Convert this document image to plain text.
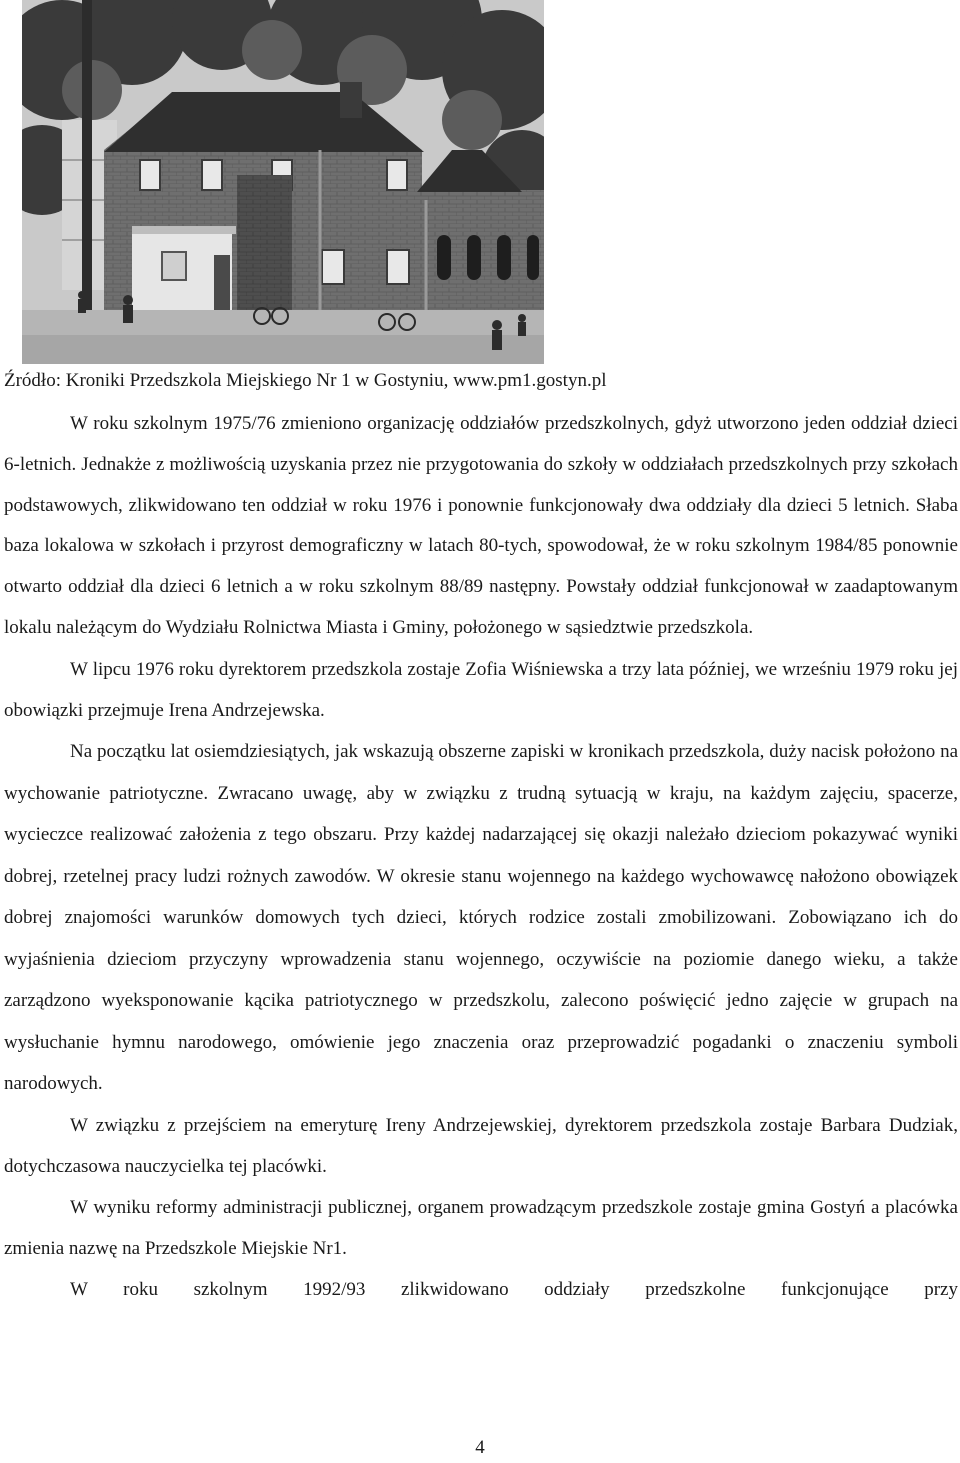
Źródło: Kroniki Przedszkola Miejskiego Nr 1 w Gostyniu, www.pm1.gostyn.pl

W roku szkolnym 1975/76 zmieniono organizację oddziałów przedszkolnych, gdyż utworzono jeden oddział dzieci 6-letnich. Jednakże z możliwością uzyskania przez nie przygotowania do szkoły w oddziałach przedszkolnych przy szkołach podstawowych, zlikwidowano ten oddział w roku 1976 i ponownie funkcjonowały dwa oddziały dla dzieci 5 letnich. Słaba baza lokalowa w szkołach i przyrost demograficzny w latach 80-tych, spowodował, że w roku szkolnym 1984/85 ponownie otwarto oddział dla dzieci 6 letnich a w roku szkolnym 88/89 następny. Powstały oddział funkcjonował w zaadaptowanym lokalu należącym do Wydziału Rolnictwa Miasta i Gminy, położonego w sąsiedztwie przedszkola.

W lipcu 1976 roku dyrektorem przedszkola zostaje Zofia Wiśniewska a trzy lata później, we wrześniu 1979 roku jej obowiązki przejmuje Irena Andrzejewska.

Na początku lat osiemdziesiątych, jak wskazują obszerne zapiski w kronikach przedszkola, duży nacisk położono na wychowanie patriotyczne. Zwracano uwagę, aby w związku z trudną sytuacją w kraju, na każdym zajęciu, spacerze, wycieczce realizować założenia z tego obszaru. Przy każdej nadarzającej się okazji należało dzieciom pokazywać wyniki dobrej, rzetelnej pracy ludzi rożnych zawodów. W okresie stanu wojennego na każdego wychowawcę nałożono obowiązek dobrej znajomości warunków domowych tych dzieci, których rodzice zostali zmobilizowani. Zobowiązano ich do wyjaśnienia dzieciom przyczyny wprowadzenia stanu wojennego, oczywiście na poziomie danego wieku, a także zarządzono wyeksponowanie kącika patriotycznego w przedszkolu, zalecono poświęcić jedno zajęcie w grupach na wysłuchanie hymnu narodowego, omówienie jego znaczenia oraz przeprowadzić pogadanki o znaczeniu symboli narodowych.

W związku z przejściem na emeryturę Ireny Andrzejewskiej, dyrektorem przedszkola zostaje Barbara Dudziak, dotychczasowa nauczycielka tej placówki.

W wyniku reformy administracji publicznej, organem prowadzącym przedszkole zostaje gmina Gostyń a placówka zmienia nazwę na Przedszkole Miejskie Nr1.

W roku szkolnym 1992/93 zlikwidowano oddziały przedszkolne funkcjonujące przy

4
